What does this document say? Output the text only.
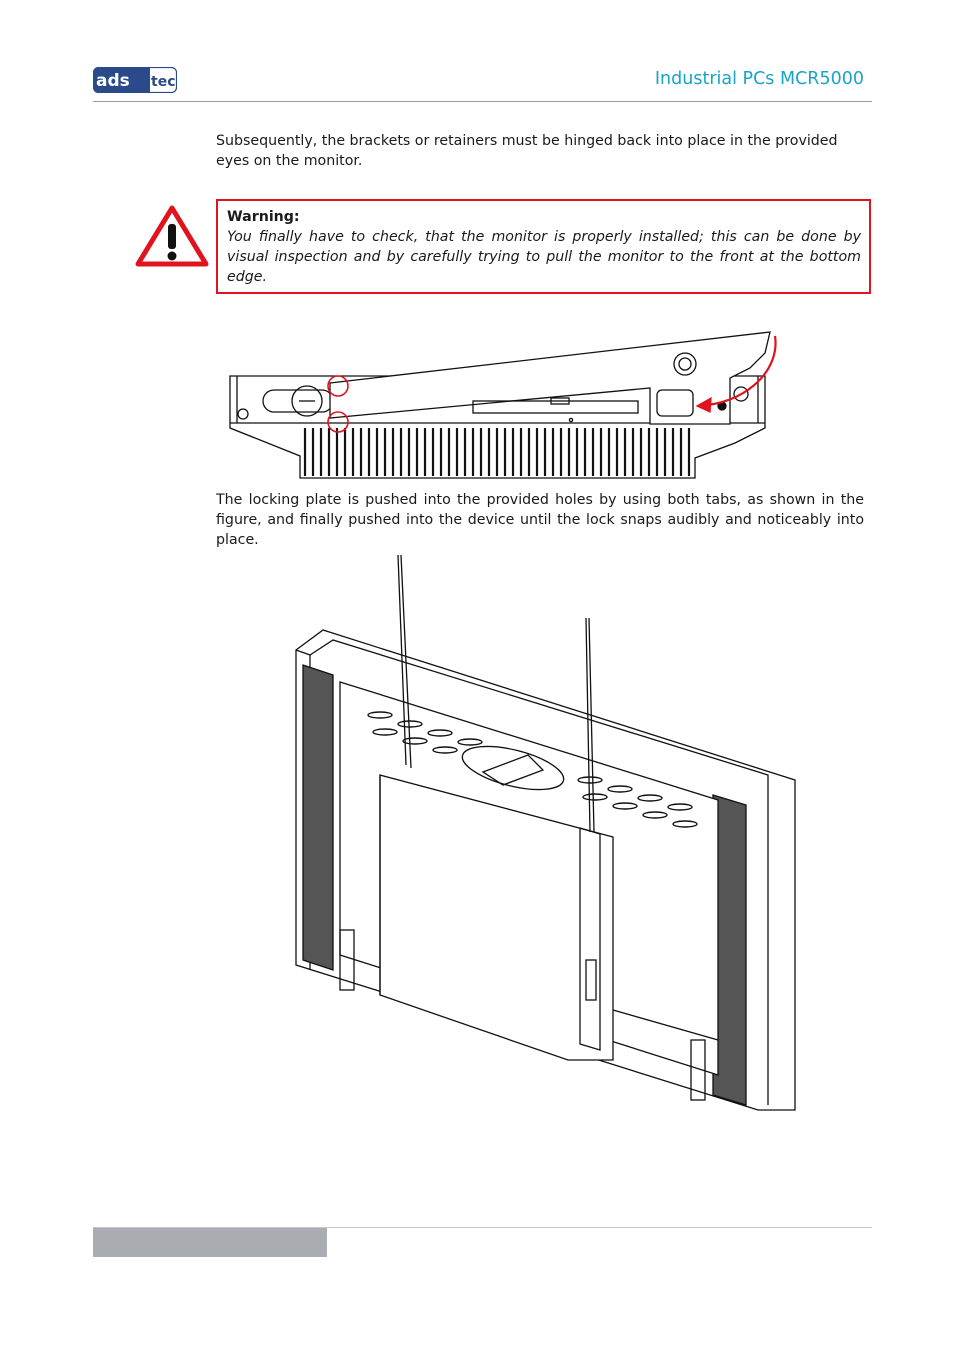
ads tec	Industrial PCs MCR5000
Subsequently, the brackets or retainers must be hinged back into place in the provided eyes on the monitor.
Warning:
You finally have to check, that the monitor is properly installed; this can be done by visual inspection and by carefully trying to pull the monitor to the front at the bottom edge.
The locking plate is pushed into the provided holes by using both tabs, as shown in the figure, and finally pushed into the device until the lock snaps audibly and noticeably into place.
